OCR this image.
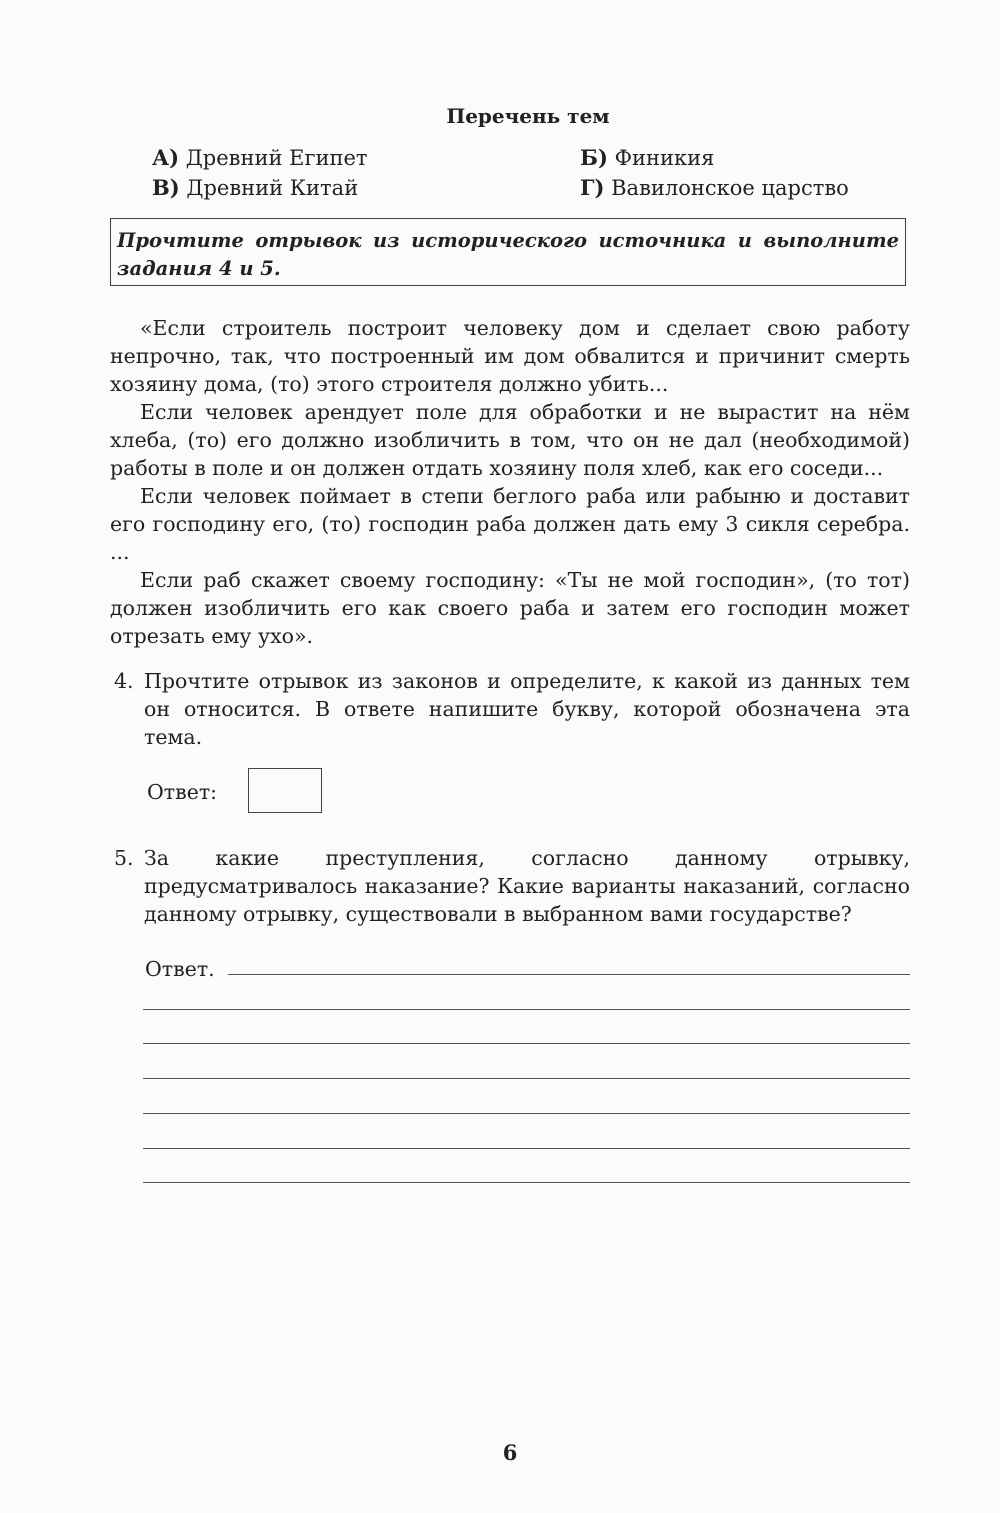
Перечень тем
А) Древний Египет	Б) Финикия
В) Древний Китай	Г) Вавилонское царство
Прочтите отрывок из исторического источника и выполните задания 4 и 5.

«Если строитель построит человеку дом и сделает свою работу непрочно, так, что построенный им дом обвалится и причинит смерть хозяину дома, (то) этого строителя должно убить...

Если человек арендует поле для обработки и не вырастит на нём хлеба, (то) его должно изобличить в том, что он не дал (необходимой) работы в поле и он должен отдать хозяину поля хлеб, как его соседи...

Если человек поймает в степи беглого раба или рабыню и доставит его господину его, (то) господин раба должен дать ему 3 сикля серебра. ...

Если раб скажет своему господину: «Ты не мой господин», (то тот) должен изобличить его как своего раба и затем его господин может отрезать ему ухо».

4. Прочтите отрывок из законов и определите, к какой из данных тем он относится. В ответе напишите букву, которой обозначена эта тема.
Ответ:
5. За какие преступления, согласно данному отрывку, предусматривалось наказание? Какие варианты наказаний, согласно данному отрывку, существовали в выбранном вами государстве?
Ответ.
6
